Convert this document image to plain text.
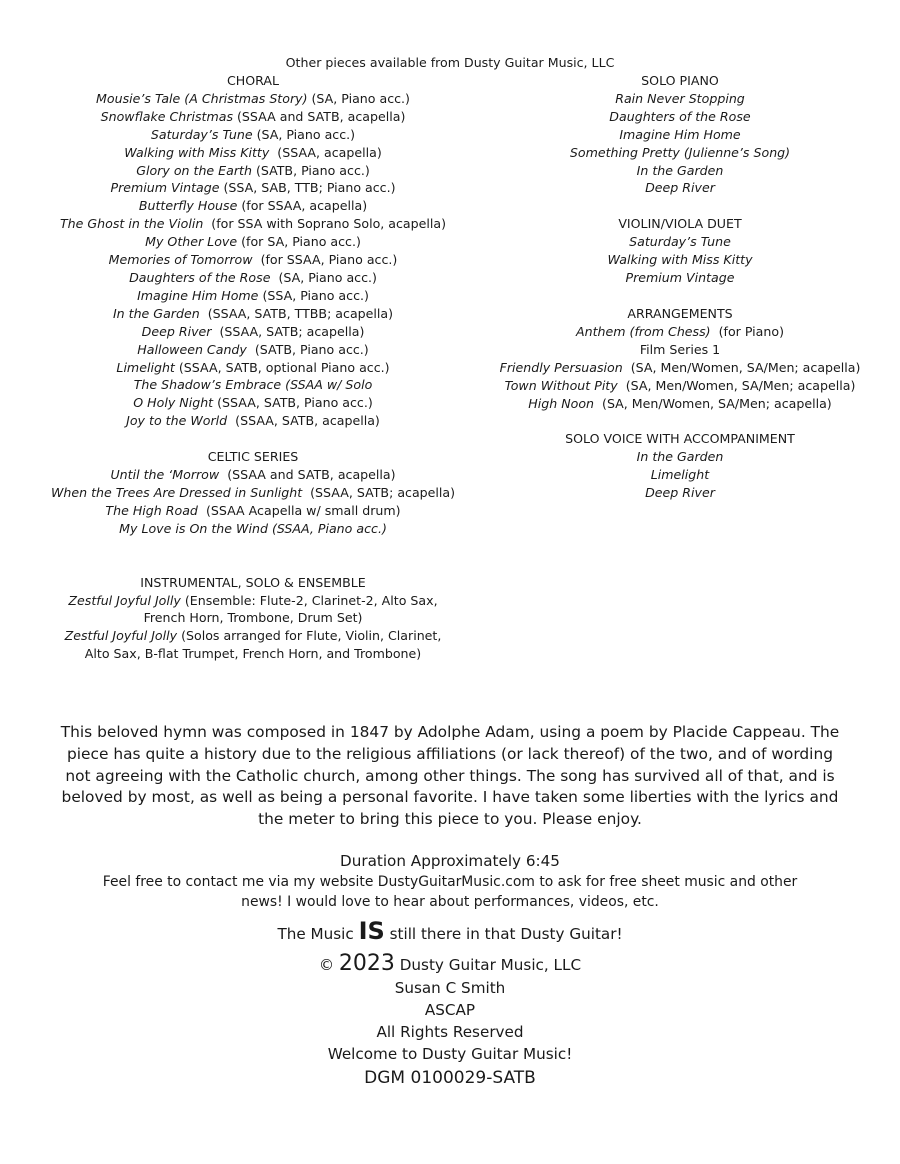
Other pieces available from Dusty Guitar Music, LLC
CHORAL
Mousie’s Tale (A Christmas Story) (SA, Piano acc.)
Snowflake Christmas (SSAA and SATB, acapella)
Saturday’s Tune (SA, Piano acc.)
Walking with Miss Kitty  (SSAA, acapella)
Glory on the Earth (SATB, Piano acc.)
Premium Vintage (SSA, SAB, TTB; Piano acc.)
Butterfly House (for SSAA, acapella)
The Ghost in the Violin  (for SSA with Soprano Solo, acapella)
My Other Love (for SA, Piano acc.)
Memories of Tomorrow  (for SSAA, Piano acc.)
Daughters of the Rose  (SA, Piano acc.)
Imagine Him Home (SSA, Piano acc.)
In the Garden  (SSAA, SATB, TTBB; acapella)
Deep River  (SSAA, SATB; acapella)
Halloween Candy  (SATB, Piano acc.)
Limelight (SSAA, SATB, optional Piano acc.)
The Shadow’s Embrace (SSAA w/ Solo
O Holy Night (SSAA, SATB, Piano acc.)
Joy to the World  (SSAA, SATB, acapella)
CELTIC SERIES
Until the ‘Morrow  (SSAA and SATB, acapella)
When the Trees Are Dressed in Sunlight  (SSAA, SATB; acapella)
The High Road  (SSAA Acapella w/ small drum)
My Love is On the Wind (SSAA, Piano acc.)
INSTRUMENTAL, SOLO & ENSEMBLE
Zestful Joyful Jolly (Ensemble: Flute-2, Clarinet-2, Alto Sax,
French Horn, Trombone, Drum Set)
Zestful Joyful Jolly (Solos arranged for Flute, Violin, Clarinet,
Alto Sax, B-flat Trumpet, French Horn, and Trombone)
SOLO PIANO
Rain Never Stopping
Daughters of the Rose
Imagine Him Home
Something Pretty (Julienne’s Song)
In the Garden
Deep River
VIOLIN/VIOLA DUET
Saturday’s Tune
Walking with Miss Kitty
Premium Vintage
ARRANGEMENTS
Anthem (from Chess)  (for Piano)
Film Series 1
Friendly Persuasion  (SA, Men/Women, SA/Men; acapella)
Town Without Pity  (SA, Men/Women, SA/Men; acapella)
High Noon  (SA, Men/Women, SA/Men; acapella)
SOLO VOICE WITH ACCOMPANIMENT
In the Garden
Limelight
Deep River
This beloved hymn was composed in 1847 by Adolphe Adam, using a poem by Placide Cappeau. The
piece has quite a history due to the religious affiliations (or lack thereof) of the two, and of wording
not agreeing with the Catholic church, among other things. The song has survived all of that, and is
beloved by most, as well as being a personal favorite. I have taken some liberties with the lyrics and
the meter to bring this piece to you. Please enjoy.
Duration Approximately 6:45
Feel free to contact me via my website DustyGuitarMusic.com to ask for free sheet music and other
news! I would love to hear about performances, videos, etc.
The Music IS still there in that Dusty Guitar!
© 2023 Dusty Guitar Music, LLC
Susan C Smith
ASCAP
All Rights Reserved
Welcome to Dusty Guitar Music!
DGM 0100029-SATB
